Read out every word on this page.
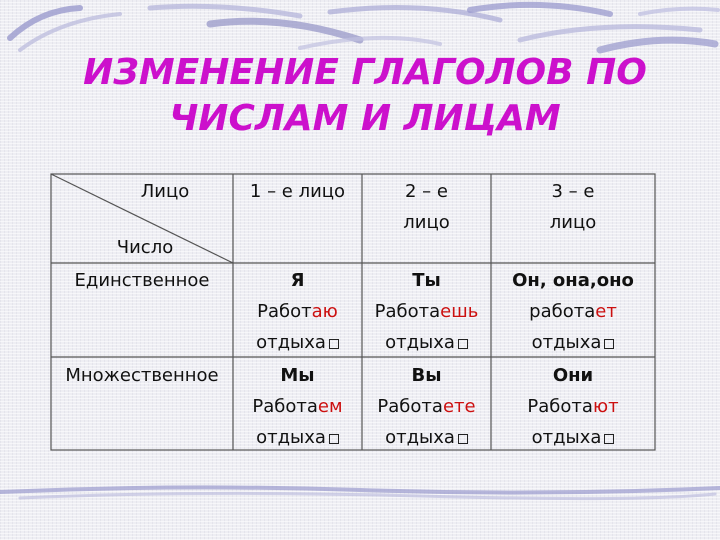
ИЗМЕНЕНИЕ ГЛАГОЛОВ ПО
ЧИСЛАМ И ЛИЦАМ
Лицо
Число
1 – е лицо	2 – е
лицо
3 – е
лицо
Единственное
Множественное
Я
Работаю
отдыха
Ты
Работаешь
отдыха
Он, она,оно
работает
отдыха
Мы
Работаем
отдыха
Вы
Работаете
отдыха
Они
Работают
отдыха
